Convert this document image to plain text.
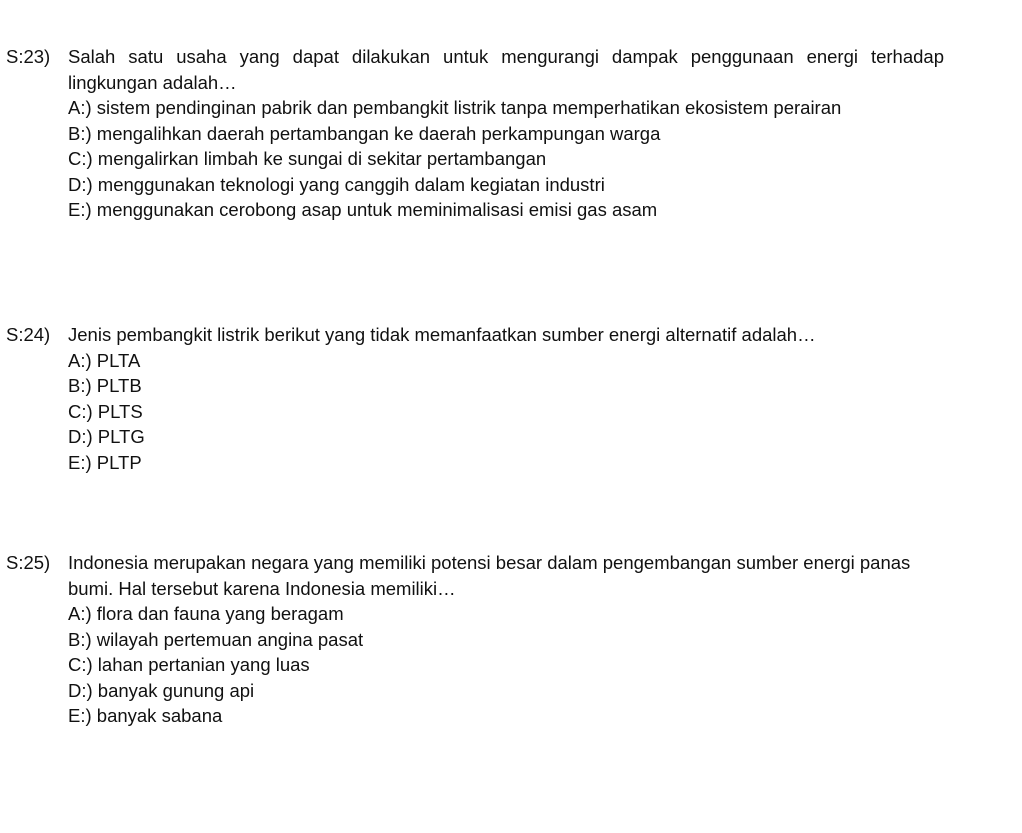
S:23) Salah satu usaha yang dapat dilakukan untuk mengurangi dampak penggunaan energi terhadap lingkungan adalah…
A:) sistem pendinginan pabrik dan pembangkit listrik tanpa memperhatikan ekosistem perairan
B:) mengalihkan daerah pertambangan ke daerah perkampungan warga
C:) mengalirkan limbah ke sungai di sekitar pertambangan
D:) menggunakan teknologi yang canggih dalam kegiatan industri
E:) menggunakan cerobong asap untuk meminimalisasi emisi gas asam
S:24) Jenis pembangkit listrik berikut yang tidak memanfaatkan sumber energi alternatif adalah…
A:) PLTA
B:) PLTB
C:) PLTS
D:) PLTG
E:) PLTP
S:25) Indonesia merupakan negara yang memiliki potensi besar dalam pengembangan sumber energi panas bumi. Hal tersebut karena Indonesia memiliki…
A:) flora dan fauna yang beragam
B:) wilayah pertemuan angina pasat
C:) lahan pertanian yang luas
D:) banyak gunung api
E:) banyak sabana
